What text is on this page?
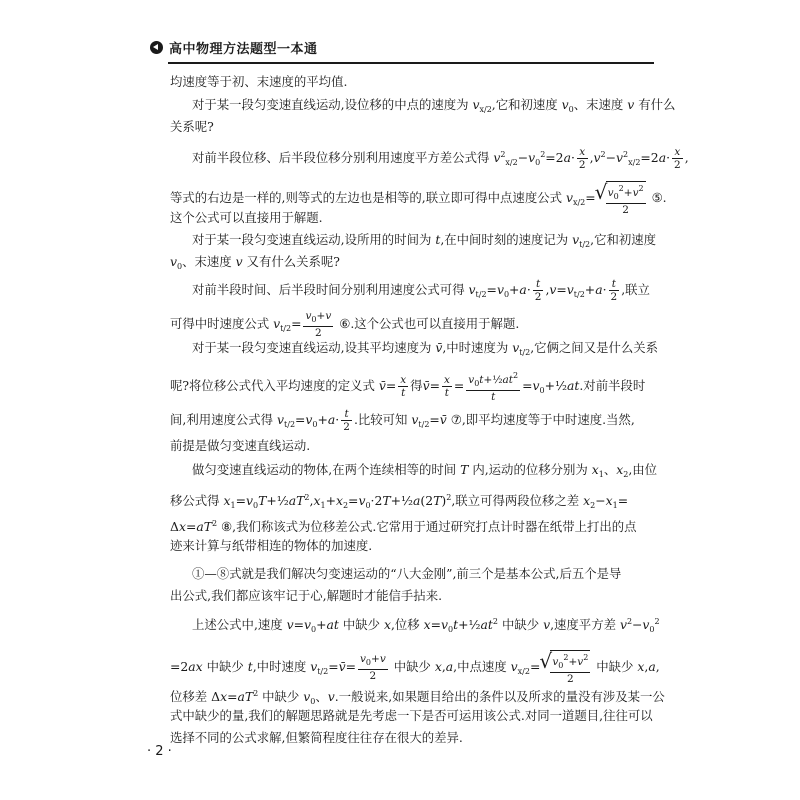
高中物理方法题型一本通
均速度等于初、末速度的平均值.
对于某一段匀变速直线运动,设位移的中点的速度为 $v_{x/2}$,它和初速度 $v_0$、末速度 v 有什么
关系呢?
对前半段位移、后半段位移分别利用速度平方差公式得 $v^2_{x/2}-v_0^2=2a\cdot \frac{x}{2} ,v^2-v^2_{x/2}=2a\cdot \frac{x}{2}$ ,
等式的右边是一样的,则等式的左边也是相等的,联立即可得中点速度公式 $v_{x/2}=$ √ $\frac{v_0^2+v^2}{2}$ ⑤.
这个公式可以直接用于解题.
对于某一段匀变速直线运动,设所用的时间为 t,在中间时刻的速度记为 $v_{t/2}$,它和初速度
$v_0$、末速度 v 又有什么关系呢?
对前半段时间、后半段时间分别利用速度公式可得 $v_{t/2}=v_0+a\cdot \frac{t}{2} ,v=v_{t/2}+a\cdot \frac{t}{2}$ ,联立
可得中时速度公式 $v_{t/2}= \frac{v_0+v}{2}$ ⑥.这个公式也可以直接用于解题.
对于某一段匀变速直线运动,设其平均速度为 v̄,中时速度为 $v_{t/2}$,它俩之间又是什么关系
呢?将位移公式代入平均速度的定义式 v̄= $\frac{x}{t}$ 得v̄= $\frac{x}{t} = \frac{v_0t+\frac{1}{2}at^2}{t}$ $=v_0+\frac{1}{2}at$.对前半段时
间,利用速度公式得 $v_{t/2}=v_0+a\cdot \frac{t}{2}$ .比较可知 $v_{t/2}=v̄$ ⑦,即平均速度等于中时速度.当然,
前提是做匀变速直线运动.
做匀变速直线运动的物体,在两个连续相等的时间 T 内,运动的位移分别为 $x_1$、$x_2$,由位
移公式得 $x_1=v_0T+\frac{1}{2}aT^2,x_1+x_2=v_0\cdot 2T+\frac{1}{2}a(2T)^2$,联立可得两段位移之差 $x_2-x_1=$
$\Delta x=aT^2$ ⑧,我们称该式为位移差公式.它常用于通过研究打点计时器在纸带上打出的点
迹来计算与纸带相连的物体的加速度.
①—⑧式就是我们解决匀变速运动的“八大金刚”,前三个是基本公式,后五个是导
出公式,我们都应该牢记于心,解题时才能信手拈来.
上述公式中,速度 $v=v_0+at$ 中缺少 x,位移 $x=v_0t+\frac{1}{2}at^2$ 中缺少 v,速度平方差 $v^2-v_0^2$
=2ax 中缺少 t,中时速度 $v_{t/2}=v̄= \frac{v_0+v}{2}$ 中缺少 x,a,中点速度 $v_{x/2}=$ √ $\frac{v_0^2+v^2}{2}$ 中缺少 x,a,
位移差 $\Delta x=aT^2$ 中缺少 $v_0$、v.一般说来,如果题目给出的条件以及所求的量没有涉及某一公
式中缺少的量,我们的解题思路就是先考虑一下是否可运用该公式.对同一道题目,往往可以
选择不同的公式求解,但繁简程度往往存在很大的差异.
· 2 ·
